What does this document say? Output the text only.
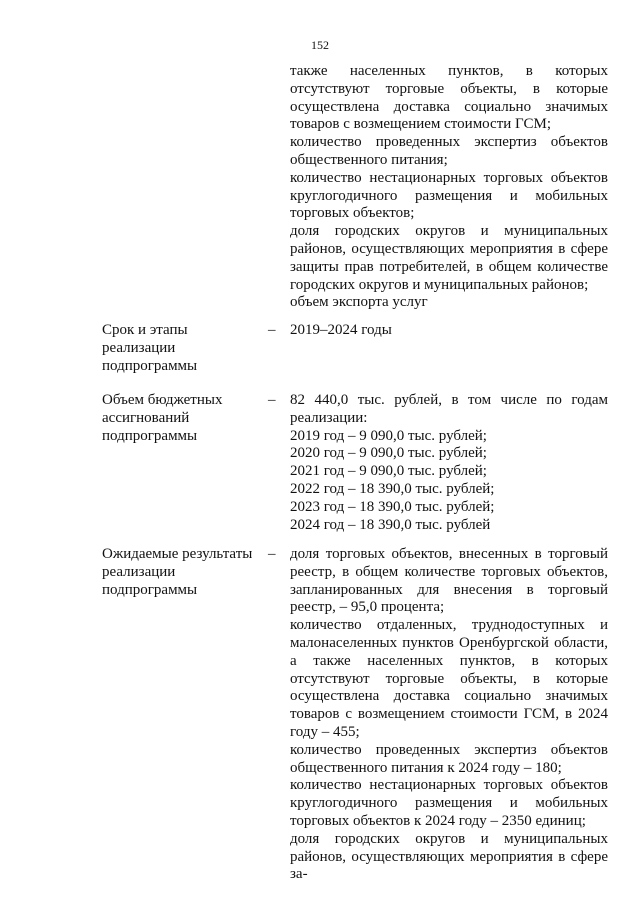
152
также населенных пунктов, в которых отсутствуют торговые объекты, в которые осуществлена доставка социально значимых товаров с возмещением стоимости ГСМ;
количество проведенных экспертиз объектов общественного питания;
количество нестационарных торговых объектов круглогодичного размещения и мобильных торговых объектов;
доля городских округов и муниципальных районов, осуществляющих мероприятия в сфере защиты прав потребителей, в общем количестве городских округов и муниципальных районов;
объем экспорта услуг
Срок и этапы
реализации
подпрограммы
– 2019–2024 годы
Объем бюджетных
ассигнований
подпрограммы
– 82 440,0 тыс. рублей, в том числе по годам реализации:
2019 год – 9 090,0 тыс. рублей;
2020 год – 9 090,0 тыс. рублей;
2021 год – 9 090,0 тыс. рублей;
2022 год – 18 390,0 тыс. рублей;
2023 год – 18 390,0 тыс. рублей;
2024 год – 18 390,0 тыс. рублей
Ожидаемые результаты
реализации
подпрограммы
– доля торговых объектов, внесенных в торговый реестр, в общем количестве торговых объектов, запланированных для внесения в торговый реестр, – 95,0 процента;
количество отдаленных, труднодоступных и малонаселенных пунктов Оренбургской области, а также населенных пунктов, в которых отсутствуют торговые объекты, в которые осуществлена доставка социально значимых товаров с возмещением стоимости ГСМ, в 2024 году – 455;
количество проведенных экспертиз объектов общественного питания к 2024 году – 180;
количество нестационарных торговых объектов круглогодичного размещения и мобильных торговых объектов к 2024 году – 2350 единиц;
доля городских округов и муниципальных районов, осуществляющих мероприятия в сфере за-
